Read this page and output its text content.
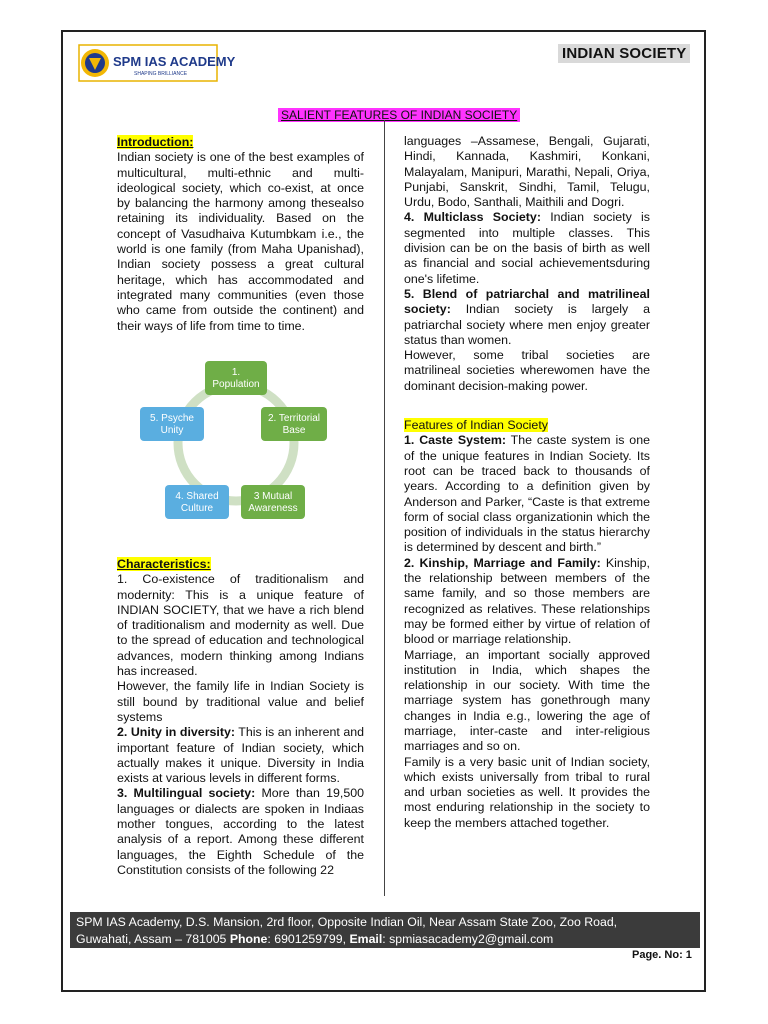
SPM IAS ACADEMY
SHAPING BRILLIANCE
INDIAN SOCIETY
SALIENT FEATURES OF INDIAN SOCIETY

Introduction:

Indian society is one of the best examples of multicultural, multi-ethnic and multi-ideological society, which co-exist, at once by balancing the harmony among thesealso retaining its individuality. Based on the concept of Vasudhaiva Kutumbkam i.e., the world is one family (from Maha Upanishad), Indian society possess a great cultural heritage, which has accommodated and integrated many communities (even those who came from outside the continent) and their ways of life from time to time.

1.
Population
2. Territorial
Base
3 Mutual
Awareness
4. Shared
Culture
5. Psyche
Unity

Characteristics:

1. Co-existence of traditionalism and modernity: This is a unique feature of INDIAN SOCIETY, that we have a rich blend of traditionalism and modernity as well. Due to the spread of education and technological advances, modern thinking among Indians has increased.

However, the family life in Indian Society is still bound by traditional value and belief systems

2. Unity in diversity: This is an inherent and important feature of Indian society, which actually makes it unique. Diversity in India exists at various levels in different forms.

3. Multilingual society: More than 19,500 languages or dialects are spoken in Indiaas mother tongues, according to the latest analysis of a report. Among these different languages, the Eighth Schedule of the Constitution consists of the following 22

languages –Assamese, Bengali, Gujarati, Hindi, Kannada, Kashmiri, Konkani, Malayalam, Manipuri, Marathi, Nepali, Oriya, Punjabi, Sanskrit, Sindhi, Tamil, Telugu, Urdu, Bodo, Santhali, Maithili and Dogri.

4. Multiclass Society: Indian society is segmented into multiple classes. This division can be on the basis of birth as well as financial and social achievementsduring one's lifetime.

5. Blend of patriarchal and matrilineal society: Indian society is largely a patriarchal society where men enjoy greater status than women.

However, some tribal societies are matrilineal societies wherewomen have the dominant decision-making power.

Features of Indian Society

1. Caste System: The caste system is one of the unique features in Indian Society. Its root can be traced back to thousands of years. According to a definition given by Anderson and Parker, “Caste is that extreme form of social class organizationin which the position of individuals in the status hierarchy is determined by descent and birth.”

2. Kinship, Marriage and Family: Kinship, the relationship between members of the same family, and so those members are recognized as relatives. These relationships may be formed either by virtue of relation of blood or marriage relationship.

Marriage, an important socially approved institution in India, which shapes the relationship in our society. With time the marriage system has gonethrough many changes in India e.g., lowering the age of marriage, inter-caste and inter-religious marriages and so on.

Family is a very basic unit of Indian society, which exists universally from tribal to rural and urban societies as well. It provides the most enduring relationship in the society to keep the members attached together.

SPM IAS Academy, D.S. Mansion, 2rd floor, Opposite Indian Oil, Near Assam State Zoo, Zoo Road,
Guwahati, Assam – 781005 Phone: 6901259799, Email: spmiasacademy2@gmail.com
Page. No: 1
